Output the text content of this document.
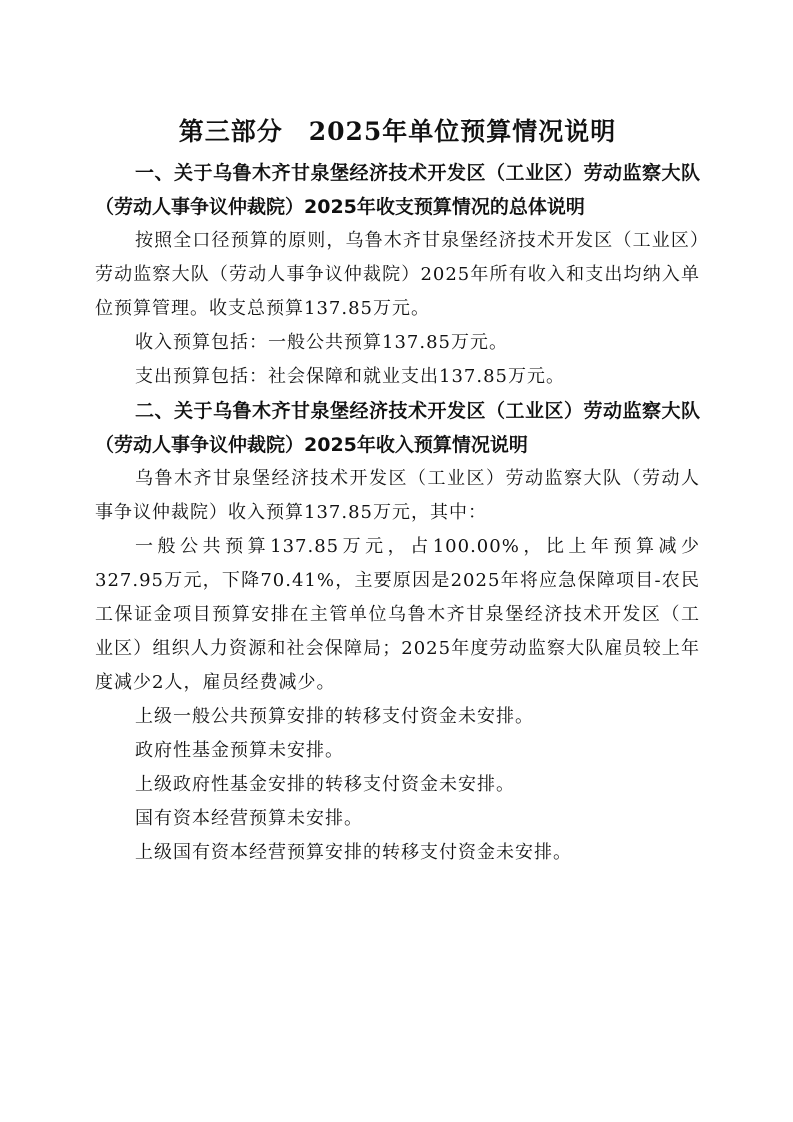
第三部分　2025年单位预算情况说明

一、关于乌鲁木齐甘泉堡经济技术开发区（工业区）劳动监察大队（劳动人事争议仲裁院）2025年收支预算情况的总体说明

按照全口径预算的原则，乌鲁木齐甘泉堡经济技术开发区（工业区）劳动监察大队（劳动人事争议仲裁院）2025年所有收入和支出均纳入单位预算管理。收支总预算137.85万元。

收入预算包括：一般公共预算137.85万元。

支出预算包括：社会保障和就业支出137.85万元。

二、关于乌鲁木齐甘泉堡经济技术开发区（工业区）劳动监察大队（劳动人事争议仲裁院）2025年收入预算情况说明

乌鲁木齐甘泉堡经济技术开发区（工业区）劳动监察大队（劳动人事争议仲裁院）收入预算137.85万元，其中：

一般公共预算137.85万元，占100.00%，比上年预算减少327.95万元，下降70.41%，主要原因是2025年将应急保障项目-农民工保证金项目预算安排在主管单位乌鲁木齐甘泉堡经济技术开发区（工业区）组织人力资源和社会保障局；2025年度劳动监察大队雇员较上年度减少2人，雇员经费减少。

上级一般公共预算安排的转移支付资金未安排。

政府性基金预算未安排。

上级政府性基金安排的转移支付资金未安排。

国有资本经营预算未安排。

上级国有资本经营预算安排的转移支付资金未安排。
